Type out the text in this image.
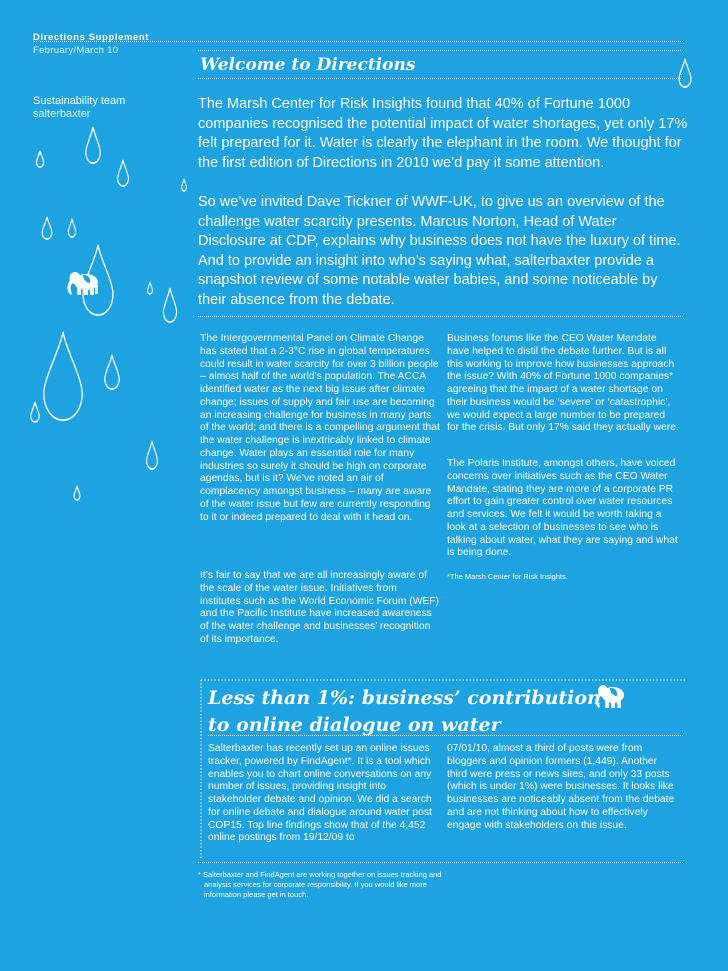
Directions Supplement
February/March 10
Sustainability team
salterbaxter
Welcome to Directions

The Marsh Center for Risk Insights found that 40% of Fortune 1000 companies recognised the potential impact of water shortages, yet only 17% felt prepared for it. Water is clearly the elephant in the room. We thought for the first edition of Directions in 2010 we’d pay it some attention.

So we’ve invited Dave Tickner of WWF-UK, to give us an overview of the challenge water scarcity presents. Marcus Norton, Head of Water Disclosure at CDP, explains why business does not have the luxury of time. And to provide an insight into who’s saying what, salterbaxter provide a snapshot review of some notable water babies, and some noticeable by their absence from the debate.

The Intergovernmental Panel on Climate Change has stated that a 2-3°C rise in global temperatures could result in water scarcity for over 3 billion people – almost half of the world’s population. The ACCA identified water as the next big issue after climate change; issues of supply and fair use are becoming an increasing challenge for business in many parts of the world; and there is a compelling argument that the water challenge is inextricably linked to climate change. Water plays an essential role for many industries so surely it should be high on corporate agendas, but is it? We’ve noted an air of complacency amongst business – many are aware of the water issue but few are currently responding to it or indeed prepared to deal with it head on.

It’s fair to say that we are all increasingly aware of the scale of the water issue. Initiatives from institutes such as the World Economic Forum (WEF) and the Pacific Institute have increased awareness of the water challenge and businesses’ recognition of its importance.

Business forums like the CEO Water Mandate have helped to distil the debate further. But is all this working to improve how businesses approach the issue? With 40% of Fortune 1000 companies* agreeing that the impact of a water shortage on their business would be ‘severe’ or ‘catastrophic’, we would expect a large number to be prepared for the crisis. But only 17% said they actually were.

The Polaris Institute, amongst others, have voiced concerns over initiatives such as the CEO Water Mandate, stating they are more of a corporate PR effort to gain greater control over water resources and services. We felt it would be worth taking a look at a selection of businesses to see who is talking about water, what they are saying and what is being done.

*The Marsh Center for Risk Insights.
Less than 1%: business’ contribution
to online dialogue on water

Salterbaxter has recently set up an online issues tracker, powered by FindAgent*. It is a tool which enables you to chart online conversations on any number of issues, providing insight into stakeholder debate and opinion. We did a search for online debate and dialogue around water post COP15. Top line findings show that of the 4,452 online postings from 19/12/09 to

07/01/10, almost a third of posts were from bloggers and opinion formers (1,449). Another third were press or news sites, and only 33 posts (which is under 1%) were businesses. It looks like businesses are noticeably absent from the debate and are not thinking about how to effectively engage with stakeholders on this issue.

* Salterbaxter and FindAgent are working together on issues tracking and analysis services for corporate responsibility. If you would like more information please get in touch.
